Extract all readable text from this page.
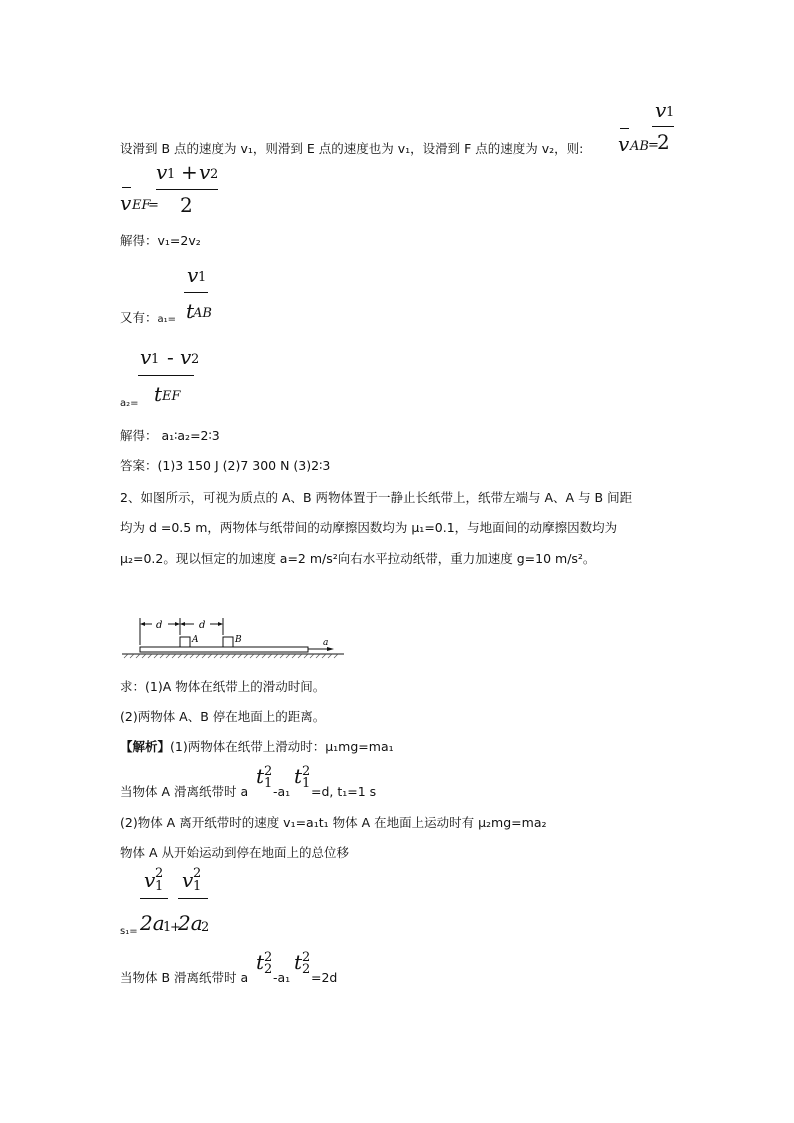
设滑到 B 点的速度为 v₁，则滑到 E 点的速度也为 v₁，设滑到 F 点的速度为 v₂，则: v AB =
v 1
2
v EF
=
v 1 + v 2
2
解得：v₁=2v₂
v 1
t
AB
又有：a₁=
v 1 - v 2
t EF
a₂=
解得： a₁∶a₂=2∶3
答案：(1)3 150 J (2)7 300 N (3)2∶3
2、如图所示，可视为质点的 A、B 两物体置于一静止长纸带上，纸带左端与 A、A 与 B 间距
均为 d =0.5 m，两物体与纸带间的动摩擦因数均为 μ₁=0.1，与地面间的动摩擦因数均为
μ₂=0.2。现以恒定的加速度 a=2 m/s²向右水平拉动纸带，重力加速度 g=10 m/s²。
d	d
A	B	a
求：(1)A 物体在纸带上的滑动时间。
(2)两物体 A、B 停在地面上的距离。
【解析】(1)两物体在纸带上滑动时：μ₁mg=ma₁
当物体 A 滑离纸带时 a
t 2
1
-a₁
t 2
1
=d, t₁=1 s
(2)物体 A 离开纸带时的速度 v₁=a₁t₁ 物体 A 在地面上运动时有 μ₂mg=ma₂
物体 A 从开始运动到停在地面上的总位移
v 2
1
2a
1
s₁= +
v 2
1
2a
2
当物体 B 滑离纸带时 a
t 2
2
-a₁
t 2
2
=2d
